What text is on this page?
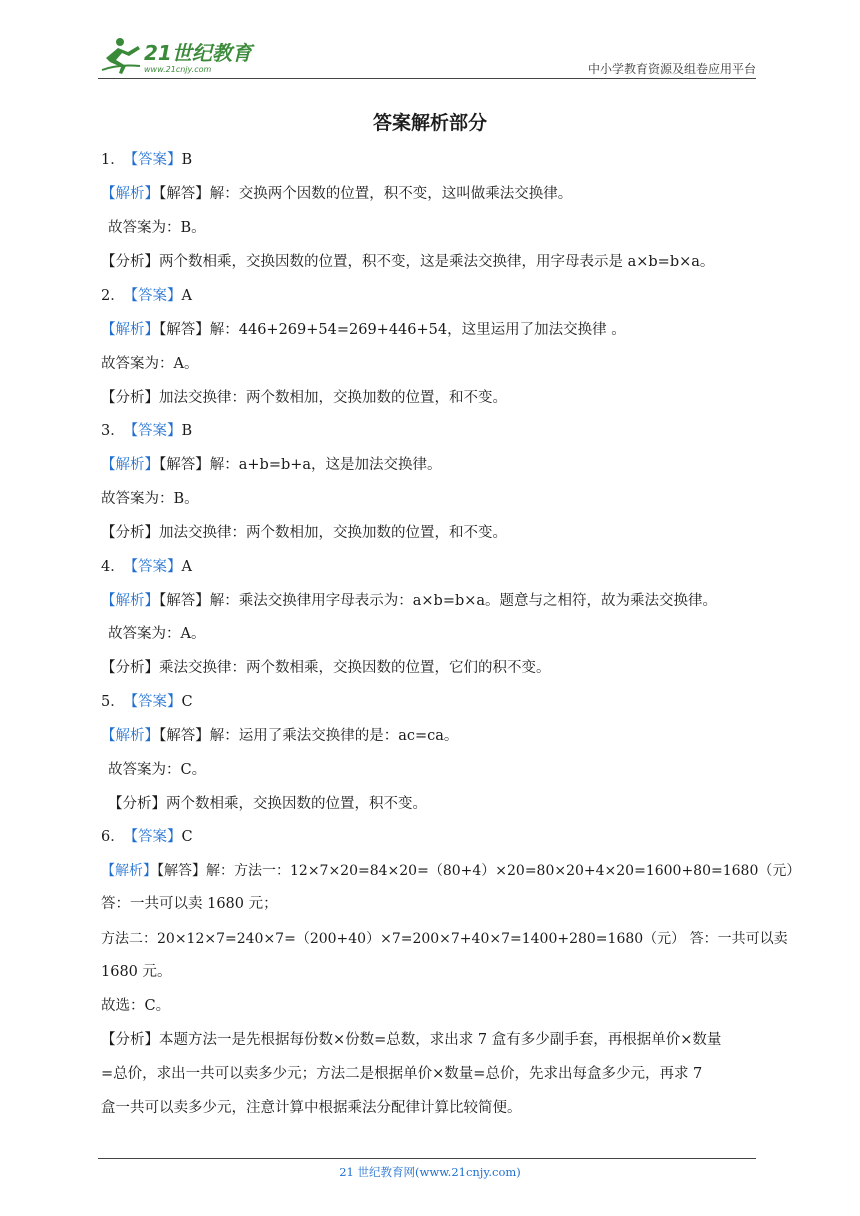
21世纪教育
www.21cnjy.com	中小学教育资源及组卷应用平台
答案解析部分
1． 【答案】B
【解析】【解答】解：交换两个因数的位置，积不变，这叫做乘法交换律。
故答案为：B。
【分析】两个数相乘，交换因数的位置，积不变，这是乘法交换律，用字母表示是 a×b=b×a。
2． 【答案】A
【解析】【解答】解：446+269+54=269+446+54，这里运用了加法交换律 。
故答案为：A。
【分析】加法交换律：两个数相加，交换加数的位置，和不变。
3． 【答案】B
【解析】【解答】解：a+b=b+a，这是加法交换律。
故答案为：B。
【分析】加法交换律：两个数相加，交换加数的位置，和不变。
4． 【答案】A
【解析】【解答】解：乘法交换律用字母表示为：a×b=b×a。题意与之相符，故为乘法交换律。
故答案为：A。
【分析】乘法交换律：两个数相乘，交换因数的位置，它们的积不变。
5． 【答案】C
【解析】【解答】解：运用了乘法交换律的是：ac=ca。
故答案为：C。
【分析】两个数相乘，交换因数的位置，积不变。
6． 【答案】C
【解析】【解答】解：方法一：12×7×20=84×20=（80+4）×20=80×20+4×20=1600+80=1680（元）
答：一共可以卖 1680 元；
方法二：20×12×7=240×7=（200+40）×7=200×7+40×7=1400+280=1680（元） 答：一共可以卖
1680 元。
故选：C。
【分析】本题方法一是先根据每份数×份数=总数，求出求 7 盒有多少副手套，再根据单价×数量
=总价，求出一共可以卖多少元；方法二是根据单价×数量=总价，先求出每盒多少元，再求 7
盒一共可以卖多少元，注意计算中根据乘法分配律计算比较简便。
21 世纪教育网(www.21cnjy.com)
